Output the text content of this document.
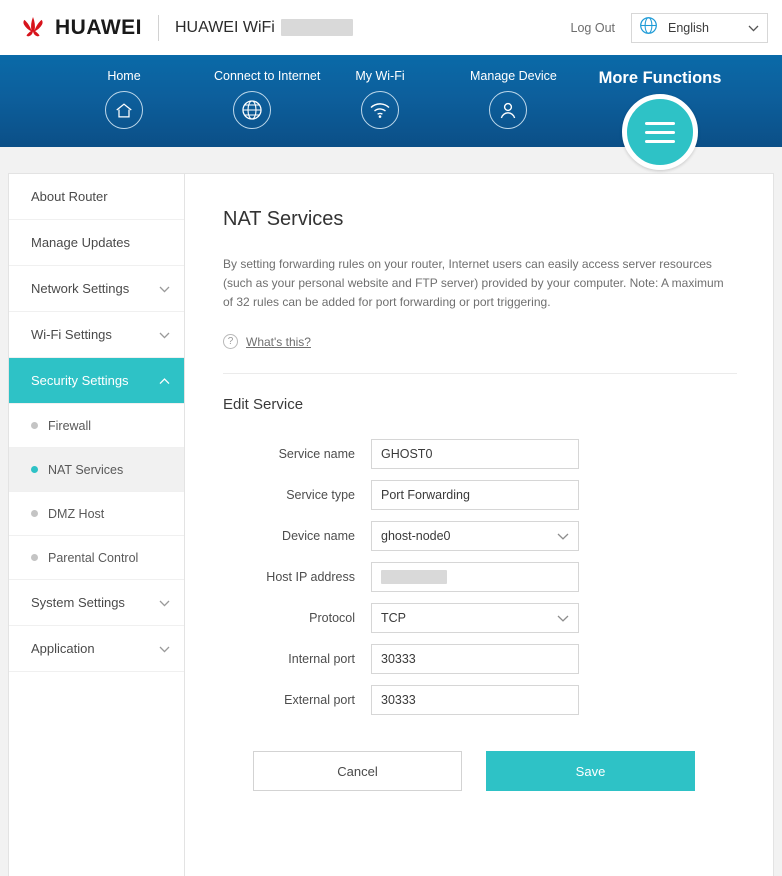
HUAWEI HUAWEI WiFi	Log Out	English
Home	Connect to Internet	My Wi-Fi	Manage Device	More Functions
About Router
Manage Updates
Network Settings
Wi-Fi Settings
Security Settings
Firewall
NAT Services
DMZ Host
Parental Control
System Settings
Application
NAT Services

By setting forwarding rules on your router, Internet users can easily access server resources (such as your personal website and FTP server) provided by your computer. Note: A maximum of 32 rules can be added for port forwarding or port triggering.

?	What's this?
Edit Service
Service name	GHOST0
Service type	Port Forwarding
Device name	ghost-node0
Host IP address
Protocol	TCP
Internal port	30333
External port	30333
Cancel	Save
